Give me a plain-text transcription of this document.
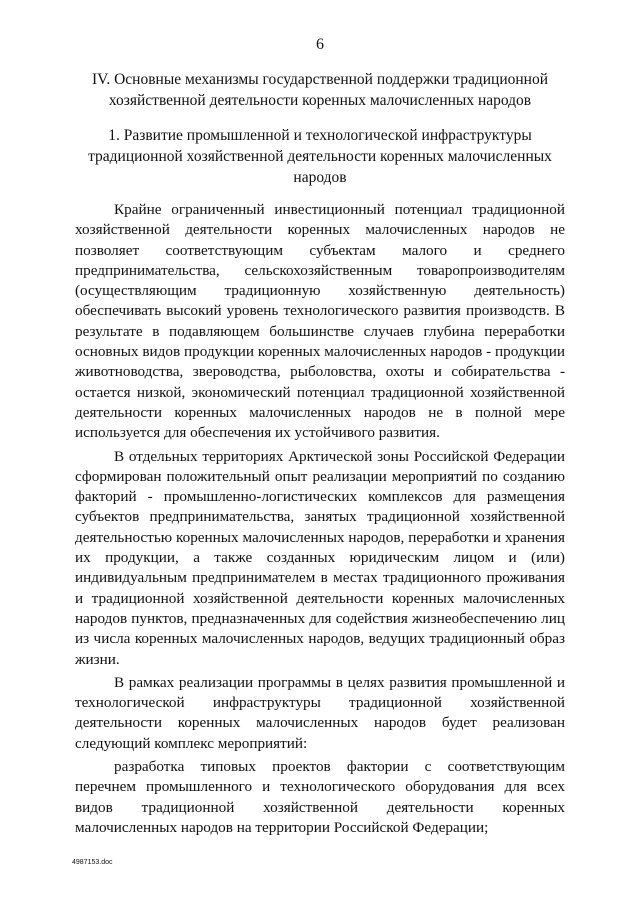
6
IV. Основные механизмы государственной поддержки традиционной хозяйственной деятельности коренных малочисленных народов
1. Развитие промышленной и технологической инфраструктуры традиционной хозяйственной деятельности коренных малочисленных народов

Крайне ограниченный инвестиционный потенциал традиционной хозяйственной деятельности коренных малочисленных народов не позволяет соответствующим субъектам малого и среднего предпринимательства, сельскохозяйственным товаропроизводителям (осуществляющим традиционную хозяйственную деятельность) обеспечивать высокий уровень технологического развития производств. В результате в подавляющем большинстве случаев глубина переработки основных видов продукции коренных малочисленных народов - продукции животноводства, звероводства, рыболовства, охоты и собирательства - остается низкой, экономический потенциал традиционной хозяйственной деятельности коренных малочисленных народов не в полной мере используется для обеспечения их устойчивого развития.

В отдельных территориях Арктической зоны Российской Федерации сформирован положительный опыт реализации мероприятий по созданию факторий - промышленно-логистических комплексов для размещения субъектов предпринимательства, занятых традиционной хозяйственной деятельностью коренных малочисленных народов, переработки и хранения их продукции, а также созданных юридическим лицом и (или) индивидуальным предпринимателем в местах традиционного проживания и традиционной хозяйственной деятельности коренных малочисленных народов пунктов, предназначенных для содействия жизнеобеспечению лиц из числа коренных малочисленных народов, ведущих традиционный образ жизни.

В рамках реализации программы в целях развития промышленной и технологической инфраструктуры традиционной хозяйственной деятельности коренных малочисленных народов будет реализован следующий комплекс мероприятий:

разработка типовых проектов фактории с соответствующим перечнем промышленного и технологического оборудования для всех видов традиционной хозяйственной деятельности коренных малочисленных народов на территории Российской Федерации;

4987153.doc
